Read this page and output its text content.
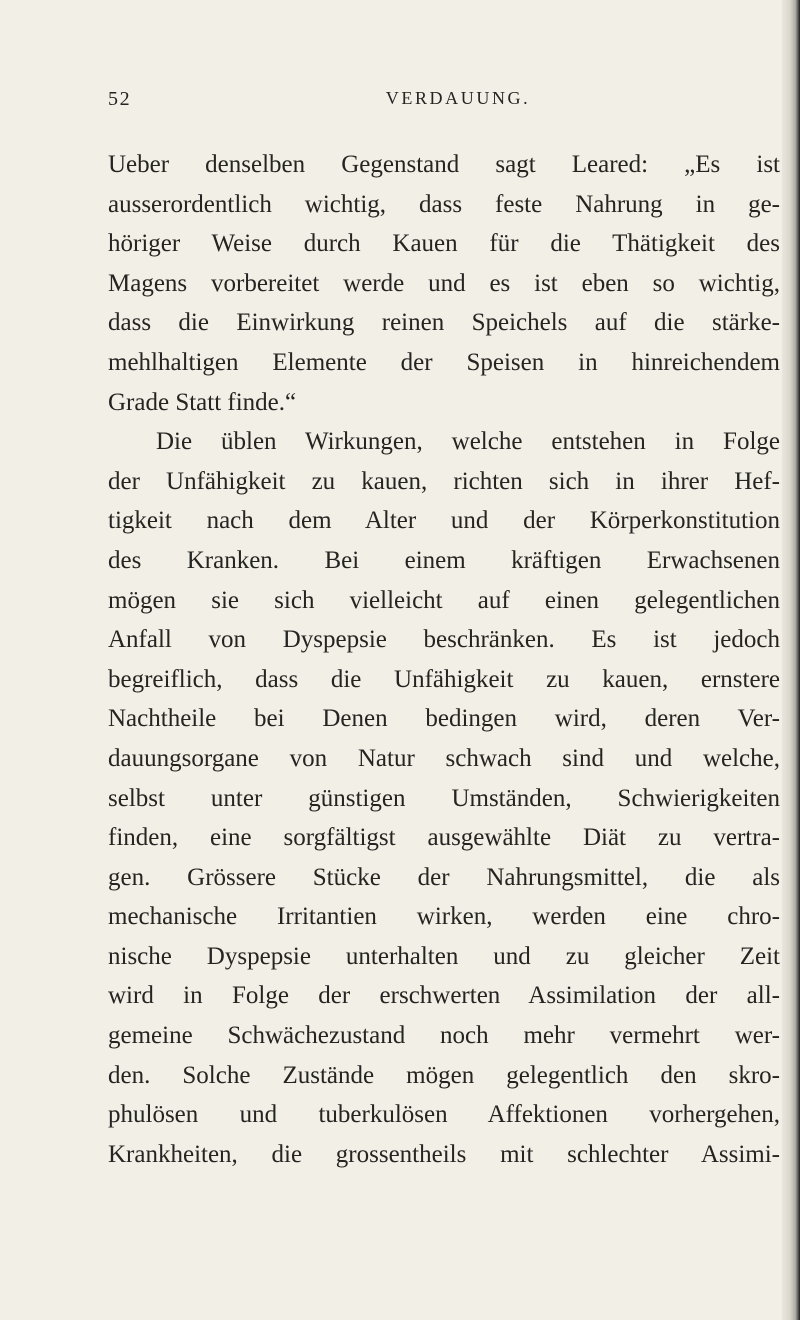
52	VERDAUUNG.
Ueber denselben Gegenstand sagt Leared: „Es ist
ausserordentlich wichtig, dass feste Nahrung in ge-
höriger Weise durch Kauen für die Thätigkeit des
Magens vorbereitet werde und es ist eben so wichtig,
dass die Einwirkung reinen Speichels auf die stärke-
mehlhaltigen Elemente der Speisen in hinreichendem
Grade Statt finde.“
Die üblen Wirkungen, welche entstehen in Folge
der Unfähigkeit zu kauen, richten sich in ihrer Hef-
tigkeit nach dem Alter und der Körperkonstitution
des Kranken. Bei einem kräftigen Erwachsenen
mögen sie sich vielleicht auf einen gelegentlichen
Anfall von Dyspepsie beschränken. Es ist jedoch
begreiflich, dass die Unfähigkeit zu kauen, ernstere
Nachtheile bei Denen bedingen wird, deren Ver-
dauungsorgane von Natur schwach sind und welche,
selbst unter günstigen Umständen, Schwierigkeiten
finden, eine sorgfältigst ausgewählte Diät zu vertra-
gen. Grössere Stücke der Nahrungsmittel, die als
mechanische Irritantien wirken, werden eine chro-
nische Dyspepsie unterhalten und zu gleicher Zeit
wird in Folge der erschwerten Assimilation der all-
gemeine Schwächezustand noch mehr vermehrt wer-
den. Solche Zustände mögen gelegentlich den skro-
phulösen und tuberkulösen Affektionen vorhergehen,
Krankheiten, die grossentheils mit schlechter Assimi-
